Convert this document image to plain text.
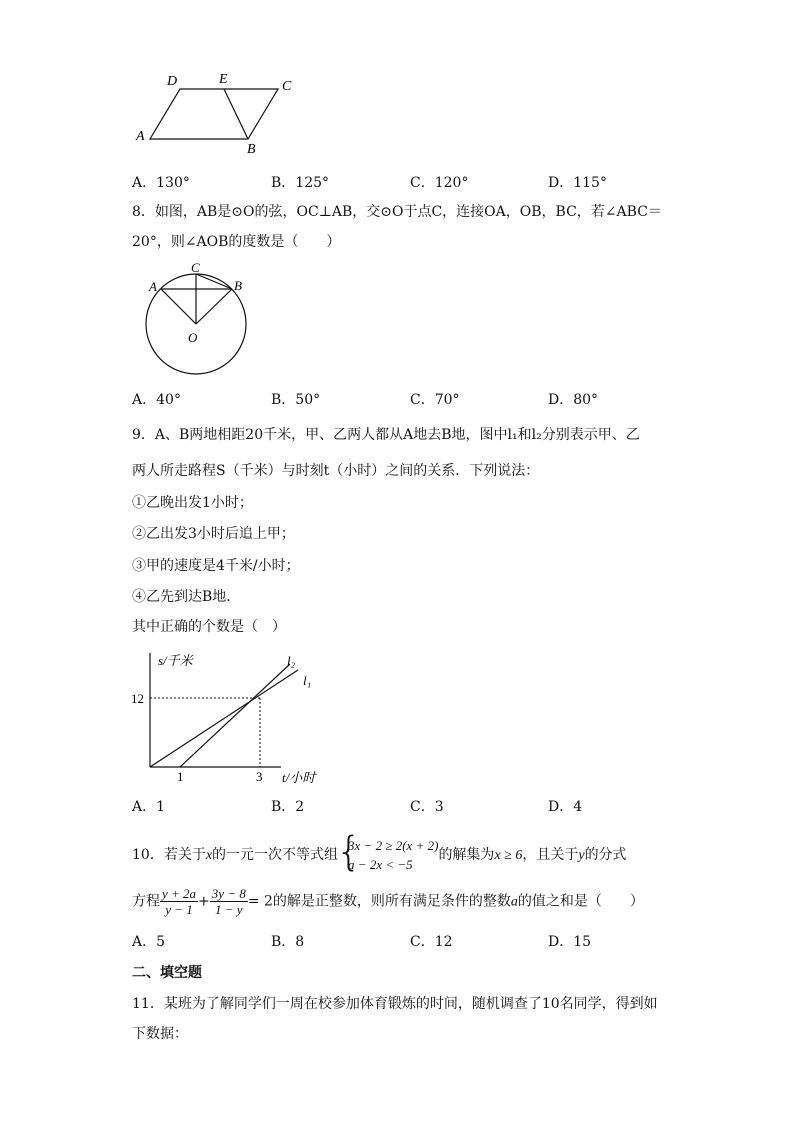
D	E	C
A
B
A．130°	B．125°	C．120°	D．115°
8．如图，AB是⊙O的弦，OC⊥AB，交⊙O于点C，连接OA，OB，BC，若∠ABC＝
20°，则∠AOB的度数是（　　）
C
A	B
O
A．40°	B．50°	C．70°	D．80°
9．A、B两地相距20千米，甲、乙两人都从A地去B地，图中l₁和l₂分别表示甲、乙
两人所走路程S（千米）与时刻t（小时）之间的关系．下列说法：
①乙晚出发1小时；
②乙出发3小时后追上甲；
③甲的速度是4千米/小时；
④乙先到达B地．
其中正确的个数是（　）
s/千米
t/小时
12
1	3
l₂
l₁
A．1	B．2	C．3	D．4
10．若关于x的一元一次不等式组
{ 3x − 2 ≥ 2(x + 2)
a − 2x < −5
的解集为x ≥ 6，且关于y的分式
方程 $\frac{y + 2a}{y - 1} + \frac{3y - 8}{1 - y} = 2$的解是正整数，则所有满足条件的整数a的值之和是（　　）
A．5	B．8	C．12	D．15
二、填空题
11．某班为了解同学们一周在校参加体育锻炼的时间，随机调查了10名同学，得到如
下数据：
